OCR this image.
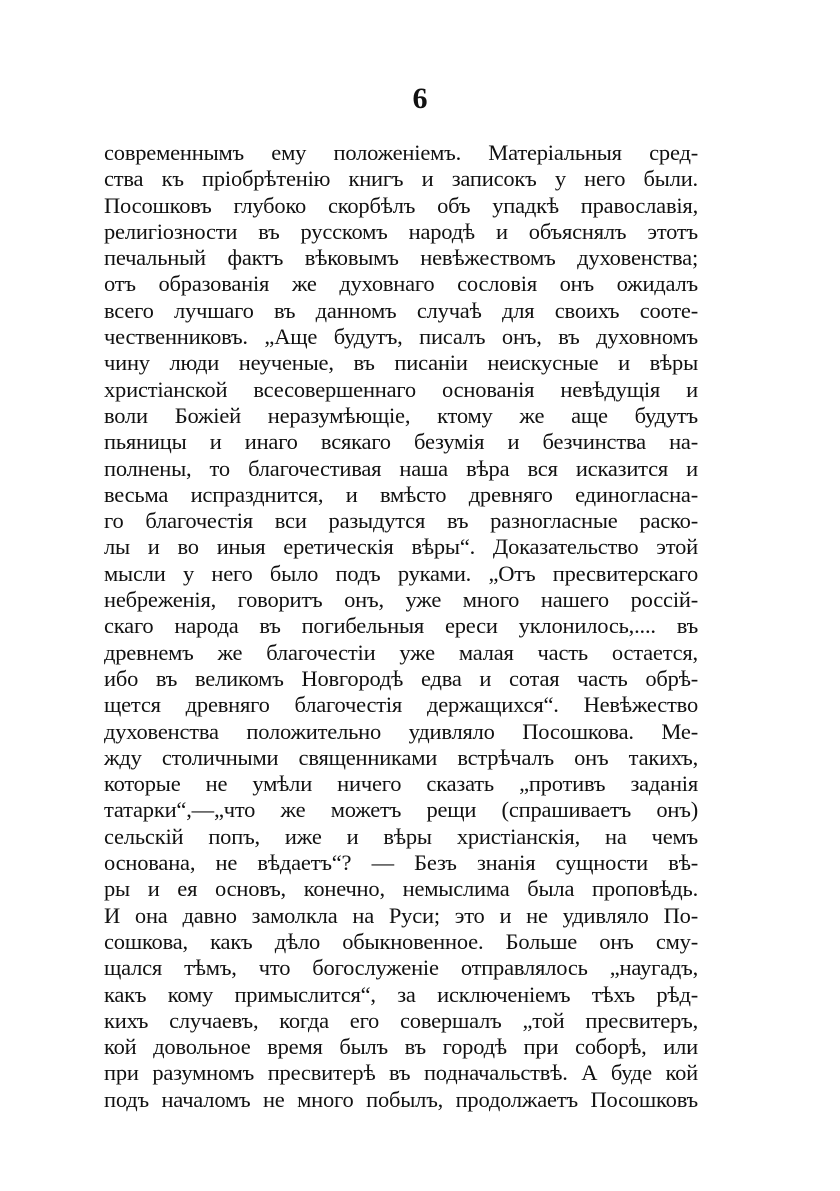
6
современнымъ ему положенiемъ. Матерiальныя сред-
ства къ прiобрѣтенiю книгъ и записокъ у него были.
Посошковъ глубоко скорбѣлъ объ упадкѣ православiя,
религiозности въ русскомъ народѣ и объяснялъ этотъ
печальный фактъ вѣковымъ невѣжествомъ духовенства;
отъ образованiя же духовнаго сословiя онъ ожидалъ
всего лучшаго въ данномъ случаѣ для своихъ сооте-
чественниковъ. „Аще будутъ, писалъ онъ, въ духовномъ
чину люди неученые, въ писанiи неискусные и вѣры
христiанской всесовершеннаго основанiя невѣдущiя и
воли Божiей неразумѣющiе, ктому же аще будутъ
пьяницы и инаго всякаго безумiя и безчинства на-
полнены, то благочестивая наша вѣра вся исказится и
весьма испразднится, и вмѣсто древняго единогласна-
го благочестiя вси разыдутся въ разногласные раско-
лы и во иныя еретическiя вѣры“. Доказательство этой
мысли у него было подъ руками. „Отъ пресвитерскаго
небреженiя, говоритъ онъ, уже много нашего россiй-
скаго народа въ погибельныя ереси уклонилось,.... въ
древнемъ же благочестiи уже малая часть остается,
ибо въ великомъ Новгородѣ едва и сотая часть обрѣ-
щется древняго благочестiя держащихся“. Невѣжество
духовенства положительно удивляло Посошкова. Ме-
жду столичными священниками встрѣчалъ онъ такихъ,
которые не умѣли ничего сказать „противъ заданiя
татарки“,—„что же можетъ рещи (спрашиваетъ онъ)
сельскiй попъ, иже и вѣры христiанскiя, на чемъ
основана, не вѣдаетъ“? — Безъ знанiя сущности вѣ-
ры и ея основъ, конечно, немыслима была проповѣдь.
И она давно замолкла на Руси; это и не удивляло По-
сошкова, какъ дѣло обыкновенное. Больше онъ сму-
щался тѣмъ, что богослуженiе отправлялось „наугадъ,
какъ кому примыслится“, за исключенiемъ тѣхъ рѣд-
кихъ случаевъ, когда его совершалъ „той пресвитеръ,
кой довольное время былъ въ городѣ при соборѣ, или
при разумномъ пресвитерѣ въ подначальствѣ. А буде кой
подъ началомъ не много побылъ, продолжаетъ Посошковъ
